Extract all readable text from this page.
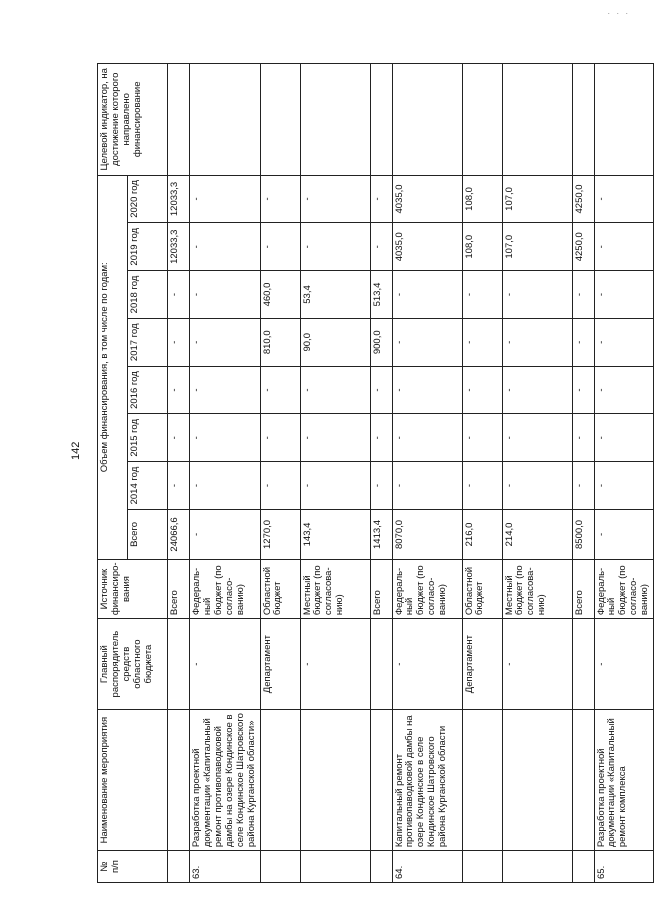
. . .
142
№
п/п	Наименование мероприятия	Главный распорядитель средств областного бюджета	Источник финансиро-вания	Объем финансирования, в том числе по годам:								Целевой индикатор, на достижение которого направлено финансирование
				Всего	2014 год	2015 год	2016 год	2017 год	2018 год	2019 год	2020 год	
			Всего	24066,6	-	-	-	-	-	12033,3	12033,3	
63.	Разработка проектной документации «Капитальный ремонт противопаводковой дамбы на озере Кондинское в селе Кондинское Шатровского района Курганской области»	-	Федераль-ный бюджет (по согласо-ванию)	-	-	-	-	-	-	-	-	
		Департамент	Областной бюджет	1270,0	-	-	-	810,0	460,0	-	-	
		-	Местный бюджет (по согласова-нию)	143,4	-	-	-	90,0	53,4	-	-	
			Всего	1413,4	-	-	-	900,0	513,4	-	-	
64.	Капитальный ремонт противопаводковой дамбы на озере Кондинское в селе Кондинское Шатровского района Курганской области	-	Федераль-ный бюджет (по согласо-ванию)	8070,0	-	-	-	-	-	4035,0	4035,0	
		Департамент	Областной бюджет	216,0	-	-	-	-	-	108,0	108,0	
		-	Местный бюджет (по согласова-нию)	214,0	-	-	-	-	-	107,0	107,0	
			Всего	8500,0	-	-	-	-	-	4250,0	4250,0	
65.	Разработка проектной документации «Капитальный ремонт комплекса	-	Федераль-ный бюджет (по согласо-ванию)	-	-	-	-	-	-	-	-	
